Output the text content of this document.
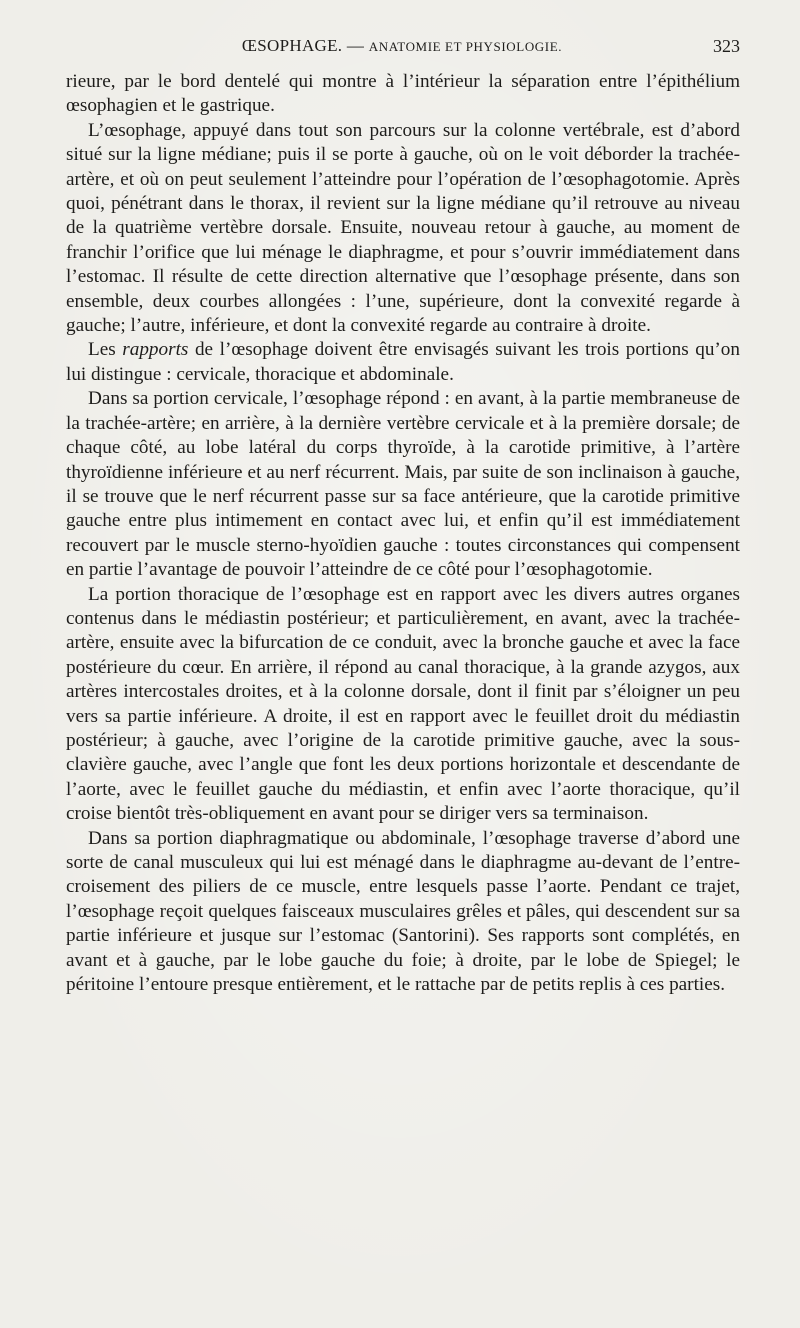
ŒSOPHAGE. — ANATOMIE ET PHYSIOLOGIE.	323

rieure, par le bord dentelé qui montre à l’intérieur la séparation entre l’épithélium œsophagien et le gastrique.

L’œsophage, appuyé dans tout son parcours sur la colonne vertébrale, est d’abord situé sur la ligne médiane; puis il se porte à gauche, où on le voit déborder la trachée-artère, et où on peut seulement l’atteindre pour l’opération de l’œsophagotomie. Après quoi, pénétrant dans le thorax, il revient sur la ligne médiane qu’il retrouve au niveau de la quatrième vertèbre dorsale. Ensuite, nouveau retour à gauche, au moment de franchir l’orifice que lui ménage le diaphragme, et pour s’ouvrir immédiatement dans l’estomac. Il résulte de cette direction alternative que l’œsophage présente, dans son ensemble, deux courbes allongées : l’une, supérieure, dont la convexité regarde à gauche; l’autre, inférieure, et dont la convexité regarde au contraire à droite.

Les rapports de l’œsophage doivent être envisagés suivant les trois portions qu’on lui distingue : cervicale, thoracique et abdominale.

Dans sa portion cervicale, l’œsophage répond : en avant, à la partie membraneuse de la trachée-artère; en arrière, à la dernière vertèbre cervicale et à la première dorsale; de chaque côté, au lobe latéral du corps thyroïde, à la carotide primitive, à l’artère thyroïdienne inférieure et au nerf récurrent. Mais, par suite de son inclinaison à gauche, il se trouve que le nerf récurrent passe sur sa face antérieure, que la carotide primitive gauche entre plus intimement en contact avec lui, et enfin qu’il est immédiatement recouvert par le muscle sterno-hyoïdien gauche : toutes circonstances qui compensent en partie l’avantage de pouvoir l’atteindre de ce côté pour l’œsophagotomie.

La portion thoracique de l’œsophage est en rapport avec les divers autres organes contenus dans le médiastin postérieur; et particulièrement, en avant, avec la trachée-artère, ensuite avec la bifurcation de ce conduit, avec la bronche gauche et avec la face postérieure du cœur. En arrière, il répond au canal thoracique, à la grande azygos, aux artères intercostales droites, et à la colonne dorsale, dont il finit par s’éloigner un peu vers sa partie inférieure. A droite, il est en rapport avec le feuillet droit du médiastin postérieur; à gauche, avec l’origine de la carotide primitive gauche, avec la sous-clavière gauche, avec l’angle que font les deux portions horizontale et descendante de l’aorte, avec le feuillet gauche du médiastin, et enfin avec l’aorte thoracique, qu’il croise bientôt très-obliquement en avant pour se diriger vers sa terminaison.

Dans sa portion diaphragmatique ou abdominale, l’œsophage traverse d’abord une sorte de canal musculeux qui lui est ménagé dans le diaphragme au-devant de l’entre-croisement des piliers de ce muscle, entre lesquels passe l’aorte. Pendant ce trajet, l’œsophage reçoit quelques faisceaux musculaires grêles et pâles, qui descendent sur sa partie inférieure et jusque sur l’estomac (Santorini). Ses rapports sont complétés, en avant et à gauche, par le lobe gauche du foie; à droite, par le lobe de Spiegel; le péritoine l’entoure presque entièrement, et le rattache par de petits replis à ces parties.
